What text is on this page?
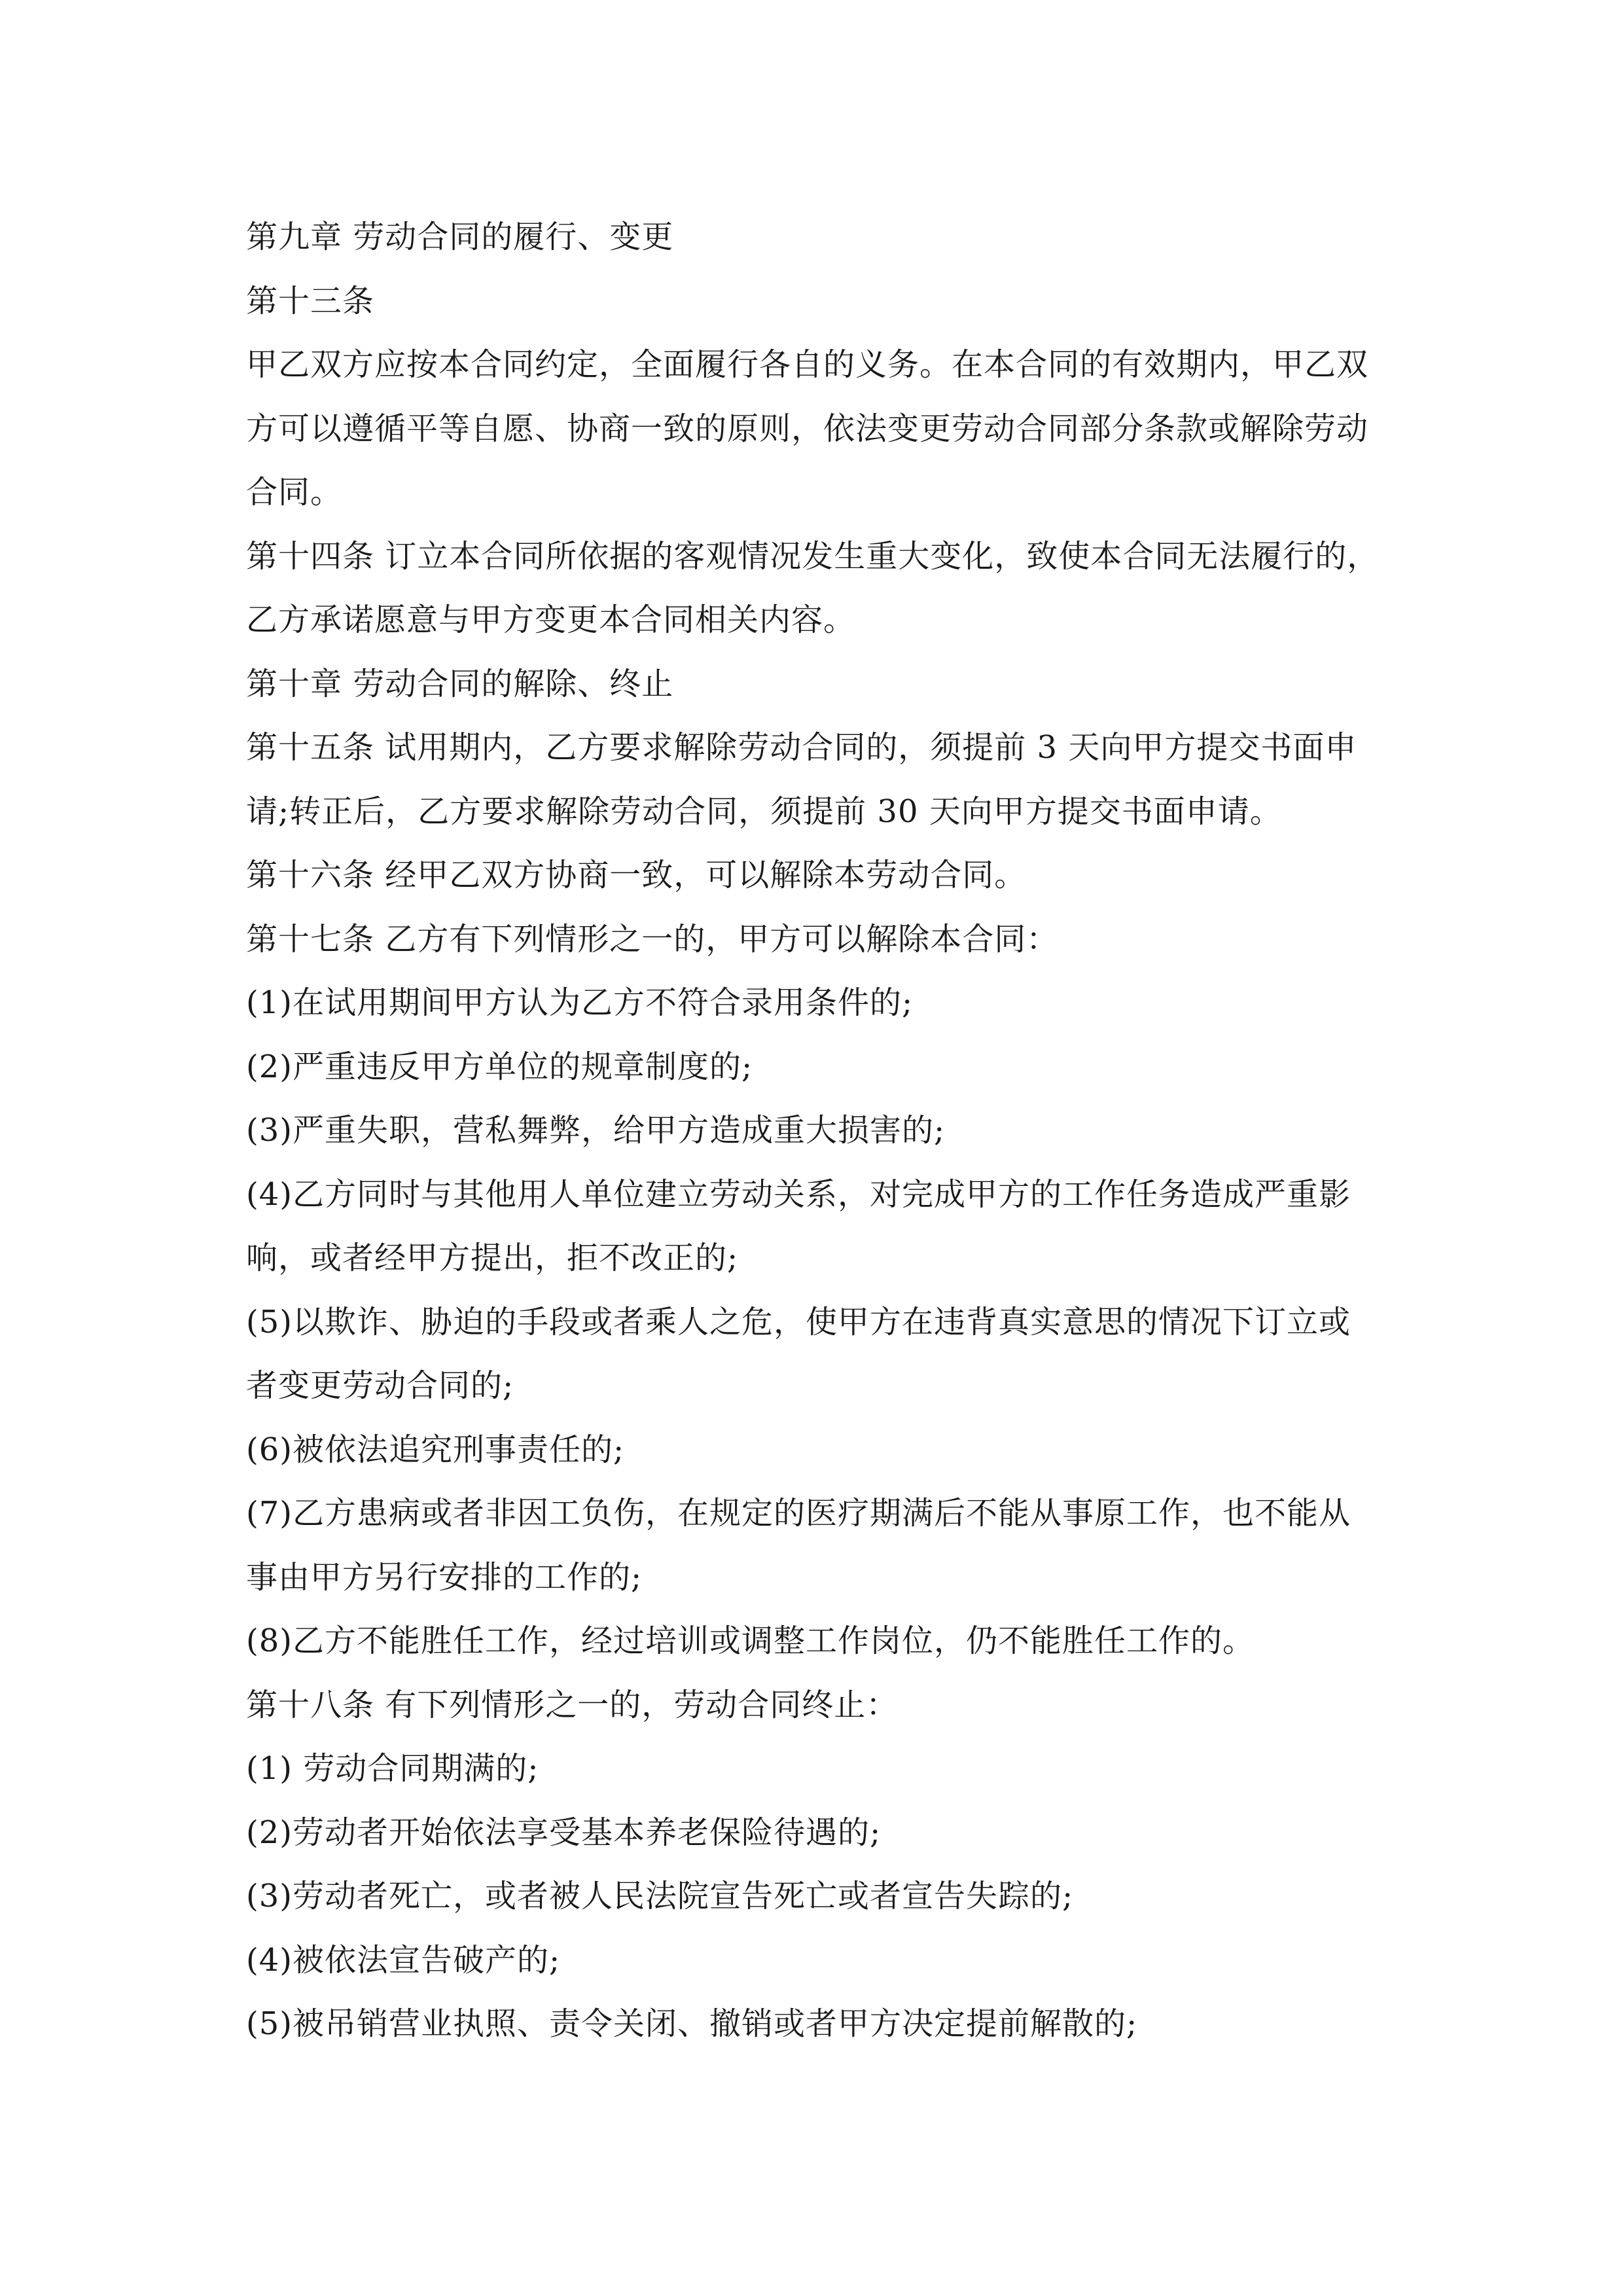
第九章 劳动合同的履行、变更
第十三条
甲乙双方应按本合同约定，全面履行各自的义务。在本合同的有效期内，甲乙双
方可以遵循平等自愿、协商一致的原则，依法变更劳动合同部分条款或解除劳动
合同。
第十四条 订立本合同所依据的客观情况发生重大变化，致使本合同无法履行的，
乙方承诺愿意与甲方变更本合同相关内容。
第十章 劳动合同的解除、终止
第十五条 试用期内，乙方要求解除劳动合同的，须提前 3 天向甲方提交书面申
请;转正后，乙方要求解除劳动合同，须提前 30 天向甲方提交书面申请。
第十六条 经甲乙双方协商一致，可以解除本劳动合同。
第十七条 乙方有下列情形之一的，甲方可以解除本合同：
(1)在试用期间甲方认为乙方不符合录用条件的;
(2)严重违反甲方单位的规章制度的;
(3)严重失职，营私舞弊，给甲方造成重大损害的;
(4)乙方同时与其他用人单位建立劳动关系，对完成甲方的工作任务造成严重影
响，或者经甲方提出，拒不改正的;
(5)以欺诈、胁迫的手段或者乘人之危，使甲方在违背真实意思的情况下订立或
者变更劳动合同的;
(6)被依法追究刑事责任的;
(7)乙方患病或者非因工负伤，在规定的医疗期满后不能从事原工作，也不能从
事由甲方另行安排的工作的;
(8)乙方不能胜任工作，经过培训或调整工作岗位，仍不能胜任工作的。
第十八条 有下列情形之一的，劳动合同终止：
(1) 劳动合同期满的;
(2)劳动者开始依法享受基本养老保险待遇的;
(3)劳动者死亡，或者被人民法院宣告死亡或者宣告失踪的;
(4)被依法宣告破产的;
(5)被吊销营业执照、责令关闭、撤销或者甲方决定提前解散的;
